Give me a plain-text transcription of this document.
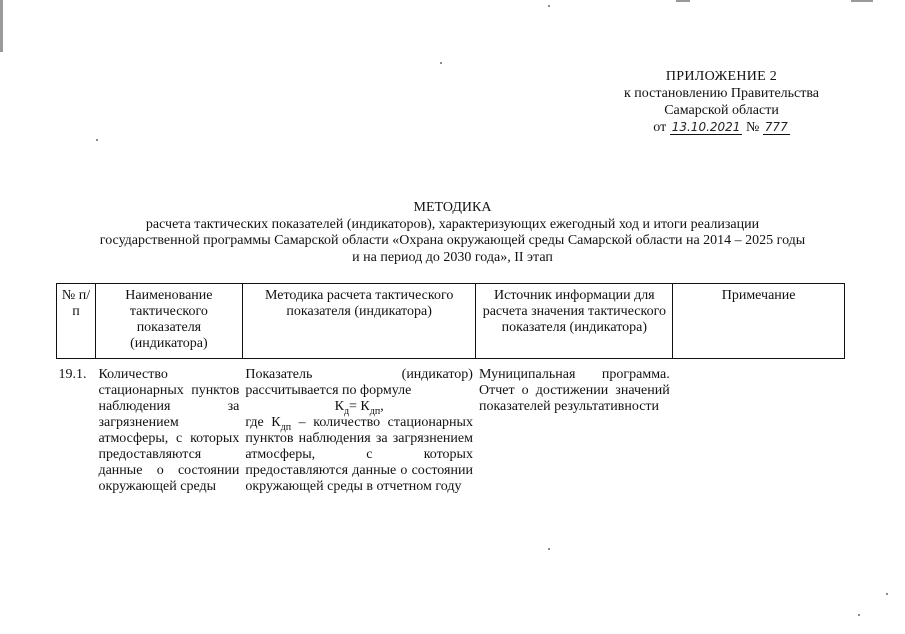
ПРИЛОЖЕНИЕ 2
к постановлению Правительства
Самарской области
от 13.10.2021 № 777
МЕТОДИКА
расчета тактических показателей (индикаторов), характеризующих ежегодный ход и итоги реализации
государственной программы Самарской области «Охрана окружающей среды Самарской области на 2014 – 2025 годы
и на период до 2030 года», II этап
№ п/п	Наименование тактического показателя (индикатора)	Методика расчета тактического показателя (индикатора)	Источник информации для расчета значения тактического показателя (индикатора)	Примечание
19.1.	Количество стационарных пунктов наблюдения за загрязнением атмосферы, с которых предоставляются данные о состоянии окружающей среды	Показатель (индикатор) рассчитывается по формуле
$К_д= К_{дп}$,
где $К_{дп}$ – количество стационарных пунктов наблюдения за загрязнением атмосферы, с которых предоставляются данные о состоянии окружающей среды в отчетном году	Муниципальная программа. Отчет о достижении значений показателей результативности	
